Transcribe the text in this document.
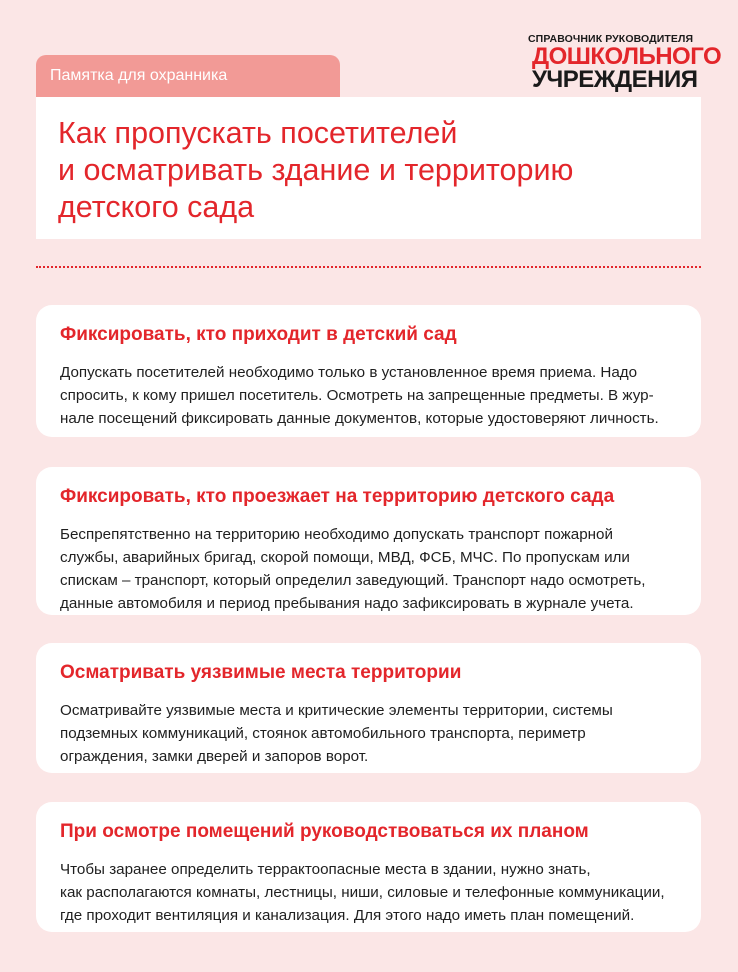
Памятка для охранника
СПРАВОЧНИК РУКОВОДИТЕЛЯ
ДОШКОЛЬНОГО
УЧРЕЖДЕНИЯ
Как пропускать посетителей
и осматривать здание и территорию
детского сада
Фиксировать, кто приходит в детский сад

Допускать посетителей необходимо только в установленное время приема. Надо
спросить, к кому пришел посетитель. Осмотреть на запрещенные предметы. В жур-
нале посещений фиксировать данные документов, которые удостоверяют личность.

Фиксировать, кто проезжает на территорию детского сада

Беспрепятственно на территорию необходимо допускать транспорт пожарной
службы, аварийных бригад, скорой помощи, МВД, ФСБ, МЧС. По пропускам или
спискам – транспорт, который определил заведующий. Транспорт надо осмотреть,
данные автомобиля и период пребывания надо зафиксировать в журнале учета.

Осматривать уязвимые места территории

Осматривайте уязвимые места и критические элементы территории, системы
подземных коммуникаций, стоянок автомобильного транспорта, периметр
ограждения, замки дверей и запоров ворот.

При осмотре помещений руководствоваться их планом

Чтобы заранее определить террактоопасные места в здании, нужно знать,
как располагаются комнаты, лестницы, ниши, силовые и телефонные коммуникации,
где проходит вентиляция и канализация. Для этого надо иметь план помещений.
